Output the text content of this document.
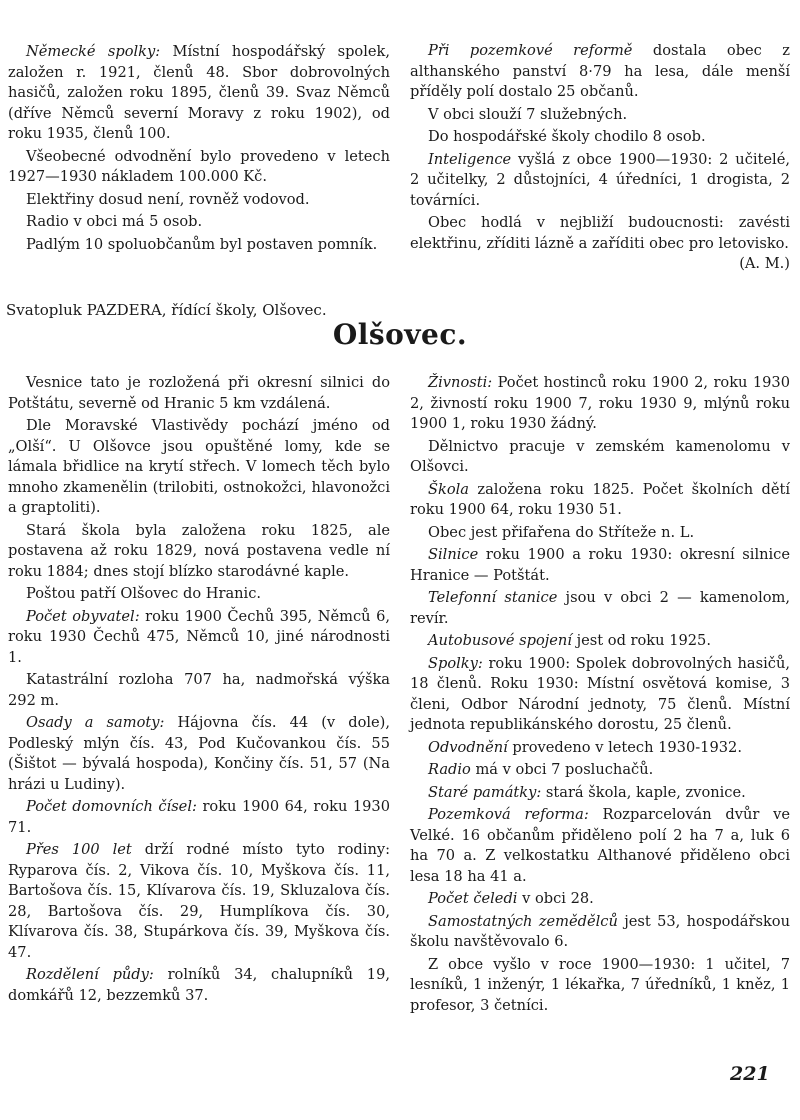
Německé spolky: Místní hospodářský spolek, založen r. 1921, členů 48. Sbor dobrovolných hasičů, založen roku 1895, členů 39. Svaz Němců (dříve Němců severní Moravy z roku 1902), od roku 1935, členů 100.

Všeobecné odvodnění bylo provedeno v letech 1927—1930 nákladem 100.000 Kč.

Elektřiny dosud není, rovněž vodovod.

Radio v obci má 5 osob.

Padlým 10 spoluobčanům byl postaven pomník.

Při pozemkové reformě dostala obec z althanského panství 8·79 ha lesa, dále menší příděly polí dostalo 25 občanů.

V obci slouží 7 služebných.

Do hospodářské školy chodilo 8 osob.

Inteligence vyšlá z obce 1900—1930: 2 učitelé, 2 učitelky, 2 důstojníci, 4 úředníci, 1 drogista, 2 továrníci.

Obec hodlá v nejbliží budoucnosti: zavésti elektřinu, zříditi lázně a zaříditi obec pro letovisko.
(A. M.)

Svatopluk PAZDERA, řídící školy, Olšovec.
Olšovec.

Vesnice tato je rozložená při okresní silnici do Potštátu, severně od Hranic 5 km vzdálená.

Dle Moravské Vlastivědy pochází jméno od „Olší“. U Olšovce jsou opuštěné lomy, kde se lámala břidlice na krytí střech. V lomech těch bylo mnoho zkamenělin (trilobiti, ostnokožci, hlavonožci a graptoliti).

Stará škola byla založena roku 1825, ale postavena až roku 1829, nová postavena vedle ní roku 1884; dnes stojí blízko starodávné kaple.

Poštou patří Olšovec do Hranic.

Počet obyvatel: roku 1900 Čechů 395, Němců 6, roku 1930 Čechů 475, Němců 10, jiné národnosti 1.

Katastrální rozloha 707 ha, nadmořská výška 292 m.

Osady a samoty: Hájovna čís. 44 (v dole), Podleský mlýn čís. 43, Pod Kučovankou čís. 55 (Šištot — bývalá hospoda), Končiny čís. 51, 57 (Na hrázi u Ludiny).

Počet domovních čísel: roku 1900 64, roku 1930 71.

Přes 100 let drží rodné místo tyto rodiny: Ryparova čís. 2, Vikova čís. 10, Myškova čís. 11, Bartošova čís. 15, Klívarova čís. 19, Skluzalova čís. 28, Bartošova čís. 29, Humplíkova čís. 30, Klívarova čís. 38, Stupárkova čís. 39, Myškova čís. 47.

Rozdělení půdy: rolníků 34, chalupníků 19, domkářů 12, bezzemků 37.

Živnosti: Počet hostinců roku 1900 2, roku 1930 2, živností roku 1900 7, roku 1930 9, mlýnů roku 1900 1, roku 1930 žádný.

Dělnictvo pracuje v zemském kamenolomu v Olšovci.

Škola založena roku 1825. Počet školních dětí roku 1900 64, roku 1930 51.

Obec jest přifařena do Stříteže n. L.

Silnice roku 1900 a roku 1930: okresní silnice Hranice — Potštát.

Telefonní stanice jsou v obci 2 — kamenolom, revír.

Autobusové spojení jest od roku 1925.

Spolky: roku 1900: Spolek dobrovolných hasičů, 18 členů. Roku 1930: Místní osvětová komise, 3 členi, Odbor Národní jednoty, 75 členů. Místní jednota republikánského dorostu, 25 členů.

Odvodnění provedeno v letech 1930-1932.

Radio má v obci 7 posluchačů.

Staré památky: stará škola, kaple, zvonice.

Pozemková reforma: Rozparcelován dvůr ve Velké. 16 občanům přiděleno polí 2 ha 7 a, luk 6 ha 70 a. Z velkostatku Althanové přiděleno obci lesa 18 ha 41 a.

Počet čeledi v obci 28.

Samostatných zemědělců jest 53, hospodářskou školu navštěvovalo 6.

Z obce vyšlo v roce 1900—1930: 1 učitel, 7 lesníků, 1 inženýr, 1 lékařka, 7 úředníků, 1 kněz, 1 profesor, 3 četníci.

221
